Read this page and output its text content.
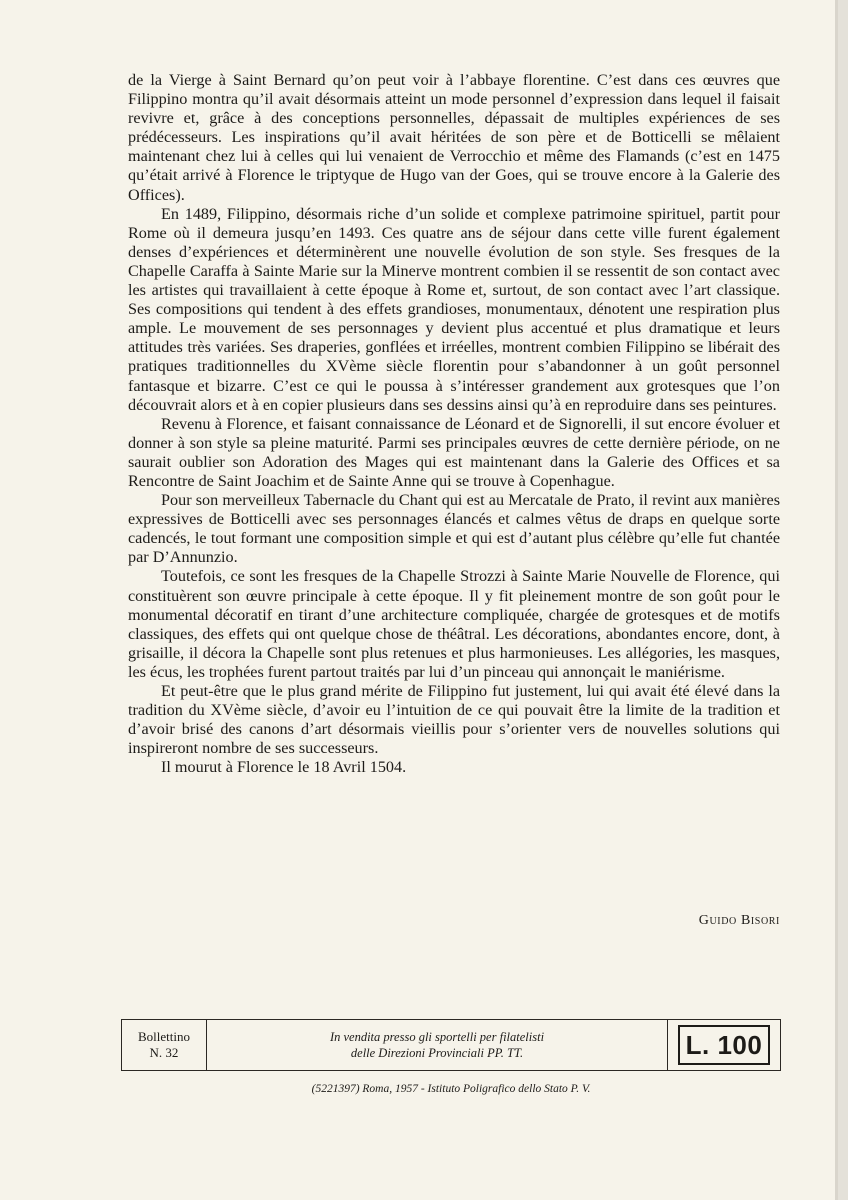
de la Vierge à Saint Bernard qu’on peut voir à l’abbaye florentine. C’est dans ces œuvres que Filippino montra qu’il avait désormais atteint un mode personnel d’expression dans lequel il faisait revivre et, grâce à des conceptions personnelles, dépassait de multiples expériences de ses prédécesseurs. Les inspirations qu’il avait héritées de son père et de Botticelli se mêlaient maintenant chez lui à celles qui lui venaient de Verrocchio et même des Flamands (c’est en 1475 qu’était arrivé à Florence le triptyque de Hugo van der Goes, qui se trouve encore à la Galerie des Offices).

En 1489, Filippino, désormais riche d’un solide et complexe patrimoine spirituel, partit pour Rome où il demeura jusqu’en 1493. Ces quatre ans de séjour dans cette ville furent également denses d’expériences et déterminèrent une nouvelle évolution de son style. Ses fresques de la Chapelle Caraffa à Sainte Marie sur la Minerve montrent combien il se ressentit de son contact avec les artistes qui travaillaient à cette époque à Rome et, surtout, de son contact avec l’art classique. Ses compositions qui tendent à des effets grandioses, monumentaux, dénotent une respiration plus ample. Le mouvement de ses personnages y devient plus accentué et plus dramatique et leurs attitudes très variées. Ses draperies, gonflées et irréelles, montrent combien Filippino se libérait des pratiques traditionnelles du XVème siècle florentin pour s’abandonner à un goût personnel fantasque et bizarre. C’est ce qui le poussa à s’intéresser grandement aux grotesques que l’on découvrait alors et à en copier plusieurs dans ses dessins ainsi qu’à en reproduire dans ses peintures.

Revenu à Florence, et faisant connaissance de Léonard et de Signorelli, il sut encore évoluer et donner à son style sa pleine maturité. Parmi ses principales œuvres de cette dernière période, on ne saurait oublier son Adoration des Mages qui est maintenant dans la Galerie des Offices et sa Rencontre de Saint Joachim et de Sainte Anne qui se trouve à Copenhague.

Pour son merveilleux Tabernacle du Chant qui est au Mercatale de Prato, il revint aux manières expressives de Botticelli avec ses personnages élancés et calmes vêtus de draps en quelque sorte cadencés, le tout formant une composition simple et qui est d’autant plus célèbre qu’elle fut chantée par D’Annunzio.

Toutefois, ce sont les fresques de la Chapelle Strozzi à Sainte Marie Nouvelle de Florence, qui constituèrent son œuvre principale à cette époque. Il y fit pleinement montre de son goût pour le monumental décoratif en tirant d’une architecture compliquée, chargée de grotesques et de motifs classiques, des effets qui ont quelque chose de théâtral. Les décorations, abondantes encore, dont, à grisaille, il décora la Chapelle sont plus retenues et plus harmonieuses. Les allégories, les masques, les écus, les trophées furent partout traités par lui d’un pinceau qui annonçait le maniérisme.

Et peut-être que le plus grand mérite de Filippino fut justement, lui qui avait été élevé dans la tradition du XVème siècle, d’avoir eu l’intuition de ce qui pouvait être la limite de la tradition et d’avoir brisé des canons d’art désormais vieillis pour s’orienter vers de nouvelles solutions qui inspireront nombre de ses successeurs.

Il mourut à Florence le 18 Avril 1504.

Guido Bisori
Bollettino
N. 32
In vendita presso gli sportelli per filatelisti
delle Direzioni Provinciali PP. TT.	L. 100
(5221397) Roma, 1957 - Istituto Poligrafico dello Stato P. V.
